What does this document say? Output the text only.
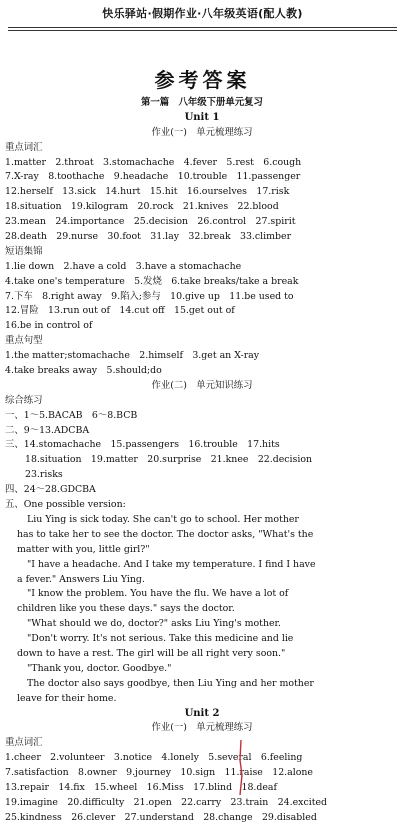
快乐驿站·假期作业·八年级英语(配人教)
参考答案
第一篇　八年级下册单元复习
Unit 1
作业(一)　单元梳理练习
重点词汇
1.matter　2.throat　3.stomachache　4.fever　5.rest　6.cough
7.X-ray　8.toothache　9.headache　10.trouble　11.passenger
12.herself　13.sick　14.hurt　15.hit　16.ourselves　17.risk
18.situation　19.kilogram　20.rock　21.knives　22.blood
23.mean　24.importance　25.decision　26.control　27.spirit
28.death　29.nurse　30.foot　31.lay　32.break　33.climber
短语集锦
1.lie down　2.have a cold　3.have a stomachache
4.take one's temperature　5.发烧　6.take breaks/take a break
7.下车　8.right away　9.陷入;参与　10.give up　11.be used to
12.冒险　13.run out of　14.cut off　15.get out of
16.be in control of
重点句型
1.the matter;stomachache　2.himself　3.get an X-ray
4.take breaks away　5.should;do
作业(二)　单元知识练习
综合练习
一、1～5.BACAB　6～8.BCB
二、9～13.ADCBA
三、14.stomachache　15.passengers　16.trouble　17.hits
18.situation　19.matter　20.surprise　21.knee　22.decision
23.risks
四、24～28.GDCBA
五、One possible version:
Liu Ying is sick today. She can't go to school. Her mother
has to take her to see the doctor. The doctor asks, "What's the
matter with you, little girl?"
"I have a headache. And I take my temperature. I find I have
a fever." Answers Liu Ying.
"I know the problem. You have the flu. We have a lot of
children like you these days." says the doctor.
"What should we do, doctor?" asks Liu Ying's mother.
"Don't worry. It's not serious. Take this medicine and lie
down to have a rest. The girl will be all right very soon."
"Thank you, doctor. Goodbye."
The doctor also says goodbye, then Liu Ying and her mother
leave for their home.
Unit 2
作业(一)　单元梳理练习
重点词汇
1.cheer　2.volunteer　3.notice　4.lonely　5.several　6.feeling
7.satisfaction　8.owner　9.journey　10.sign　11.raise　12.alone
13.repair　14.fix　15.wheel　16.Miss　17.blind　18.deaf
19.imagine　20.difficulty　21.open　22.carry　23.train　24.excited
25.kindness　26.clever　27.understand　28.change　29.disabled
